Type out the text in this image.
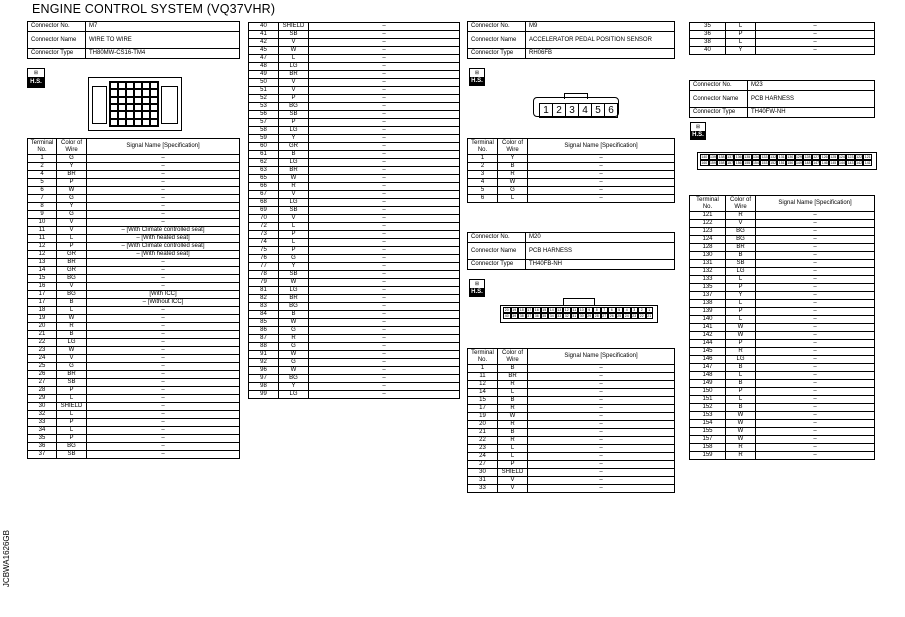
ENGINE CONTROL SYSTEM (VQ37VHR)
Connector No.	M7
Connector Name	WIRE TO WIRE
Connector Type	TH80MW-CS16-TM4
⊞
H.S.
Terminal No.	Color of Wire	Signal Name [Specification]
1	G	–
2	Y	–
4	BR	–
5	P	–
6	W	–
7	G	–
8	Y	–
9	G	–
10	V	–
11	V	– [With Climate controlled seat]
11	L	– [With heated seat]
12	P	– [With Climate controlled seat]
12	GR	– [With heated seat]
13	BR	–
14	GR	–
15	BG	–
16	V	–
17	BG	[With ICC]
17	B	– [Without ICC]
18	L	–
19	W	–
20	R	–
21	B	–
22	LG	–
23	W	–
24	V	–
25	G	–
26	BR	–
27	SB	–
28	P	–
29	L	–
30	SHIELD	–
32	L	–
33	P	–
34	L	–
35	P	–
36	BG	–
37	SB	–
40	SHIELD	–
41	SB	–
42	V	–
45	W	–
47	L	–
48	LG	–
49	BR	–
50	V	–
51	V	–
52	P	–
53	BG	–
56	SB	–
57	P	–
58	LG	–
59	Y	–
60	GR	–
61	B	–
62	LG	–
63	BR	–
65	W	–
66	R	–
67	V	–
68	LG	–
69	SB	–
70	V	–
72	L	–
73	P	–
74	L	–
75	P	–
76	G	–
77	Y	–
78	SB	–
79	W	–
81	LG	–
82	BR	–
83	BG	–
84	B	–
85	W	–
86	G	–
87	R	–
88	G	–
91	W	–
92	G	–
96	W	–
97	BG	–
98	Y	–
99	LG	–
Connector No.	M9
Connector Name	ACCELERATOR PEDAL POSITION SENSOR
Connector Type	RH06FB
⊞
H.S.
1 2 3 4 5 6
Terminal No.	Color of Wire	Signal Name [Specification]
1	Y	–
2	B	–
3	R	–
4	W	–
5	G	–
6	L	–
Connector No.	M20
Connector Name	PCB HARNESS
Connector Type	TH40FB-NH
⊞
H.S.
20	19	18	17	16	15	14	13	12	11	10	9	8	7	6	5	4	3	2	1
40	39	38	37	36	35	34	33	32	31	30	29	28	27	26	25	24	23	22	21
Terminal No.	Color of Wire	Signal Name [Specification]
1	B	–
11	BR	–
12	R	–
14	L	–
15	B	–
17	R	–
19	W	–
20	R	–
21	B	–
22	R	–
23	L	–
24	L	–
27	P	–
30	SHIELD	–
31	V	–
33	V	–
35	L	–
36	P	–
38	L	–
40	Y	–
Connector No.	M23
Connector Name	PCB HARNESS
Connector Type	TH40FW-NH
⊞
H.S.
140 139 138 137 136 135 134 133 132 131 130 129 128 127 126 125 124 123 122 121
160 159 158 157 156 155 154 153 152 151 150 149 148 147 146 145 144 143 142 141
Terminal No.	Color of Wire	Signal Name [Specification]
121	R	–
122	V	–
123	BG	–
124	BG	–
128	BR	–
130	B	–
131	SB	–
132	LG	–
133	L	–
135	P	–
137	Y	–
138	L	–
139	P	–
140	L	–
141	W	–
142	W	–
144	P	–
145	R	–
146	LG	–
147	B	–
148	L	–
149	B	–
150	P	–
151	L	–
152	B	–
153	W	–
154	W	–
155	W	–
157	W	–
158	R	–
159	R	–
JCBWA1626GB
